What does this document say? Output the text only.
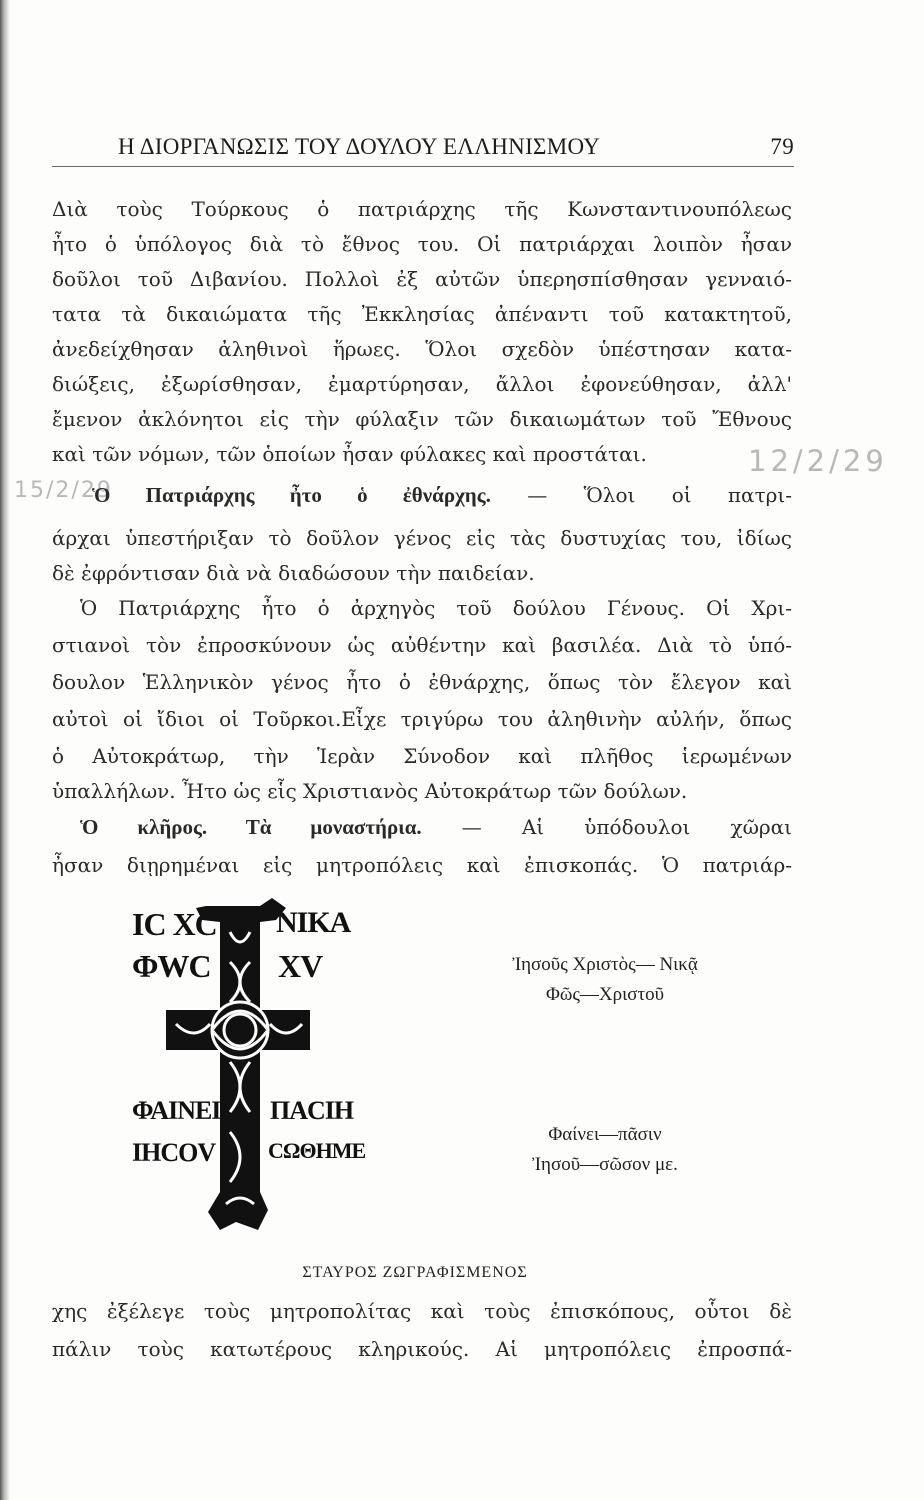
Η ΔΙΟΡΓΑΝΩΣΙΣ ΤΟΥ ΔΟΥΛΟΥ ΕΛΛΗΝΙΣΜΟΥ	79
Διὰ τοὺς Τούρκους ὁ πατριάρχης τῆς Κωνσταντινουπόλεως
ἦτο ὁ ὑπόλογος διὰ τὸ ἔθνος του. Οἱ πατριάρχαι λοιπὸν ἦσαν
δοῦλοι τοῦ Διβανίου. Πολλοὶ ἐξ αὐτῶν ὑπερησπίσθησαν γενναιό-
τατα τὰ δικαιώματα τῆς Ἐκκλησίας ἀπέναντι τοῦ κατακτητοῦ,
ἀνεδείχθησαν ἀληθινοὶ ἥρωες. Ὅλοι σχεδὸν ὑπέστησαν κατα-
διώξεις, ἐξωρίσθησαν, ἐμαρτύρησαν, ἄλλοι ἐφονεύθησαν, ἀλλ'
ἔμενον ἀκλόνητοι εἰς τὴν φύλαξιν τῶν δικαιωμάτων τοῦ Ἔθνους
καὶ τῶν νόμων, τῶν ὁποίων ἦσαν φύλακες καὶ προστάται.	12/2/29
15/2/29
Ὁ Πατριάρχης ἦτο ὁ ἐθνάρχης. — Ὅλοι οἱ πατρι-
άρχαι ὑπεστήριξαν τὸ δοῦλον γένος εἰς τὰς δυστυχίας του, ἰδίως
δὲ ἐφρόντισαν διὰ νὰ διαδώσουν τὴν παιδείαν.
Ὁ Πατριάρχης ἦτο ὁ ἀρχηγὸς τοῦ δούλου Γένους. Οἱ Χρι-
στιανοὶ τὸν ἐπροσκύνουν ὡς αὐθέντην καὶ βασιλέα. Διὰ τὸ ὑπό-
δουλον Ἑλληνικὸν γένος ἦτο ὁ ἐθνάρχης, ὅπως τὸν ἔλεγον καὶ
αὐτοὶ οἱ ἴδιοι οἱ Τοῦρκοι.Εἶχε τριγύρω του ἀληθινὴν αὐλήν, ὅπως
ὁ Αὐτοκράτωρ, τὴν Ἱερὰν Σύνοδον καὶ πλῆθος ἱερωμένων
ὑπαλλήλων. Ἦτο ὡς εἷς Χριστιανὸς Αὐτοκράτωρ τῶν δούλων.
Ὁ κλῆρος. Τὰ μοναστήρια. — Αἱ ὑπόδουλοι χῶραι
ἦσαν διῃρημέναι εἰς μητροπόλεις καὶ ἐπισκοπάς. Ὁ πατριάρ-
IC XC NIKA
ΦWC XV
ΦΑΙΝΕΙ ΠΑCΙΗ
ΙΗCΟV CΩΘΗΜΕ
Ἰησοῦς Χριστὸς— Νικᾷ
Φῶς—Χριστοῦ
Φαίνει—πᾶσιν
Ἰησοῦ—σῶσον με.
ΣΤΑΥΡΟΣ ΖΩΓΡΑΦΙΣΜΕΝΟΣ
χης ἐξέλεγε τοὺς μητροπολίτας καὶ τοὺς ἐπισκόπους, οὗτοι δὲ
πάλιν τοὺς κατωτέρους κληρικούς. Αἱ μητροπόλεις ἐπροσπά-
